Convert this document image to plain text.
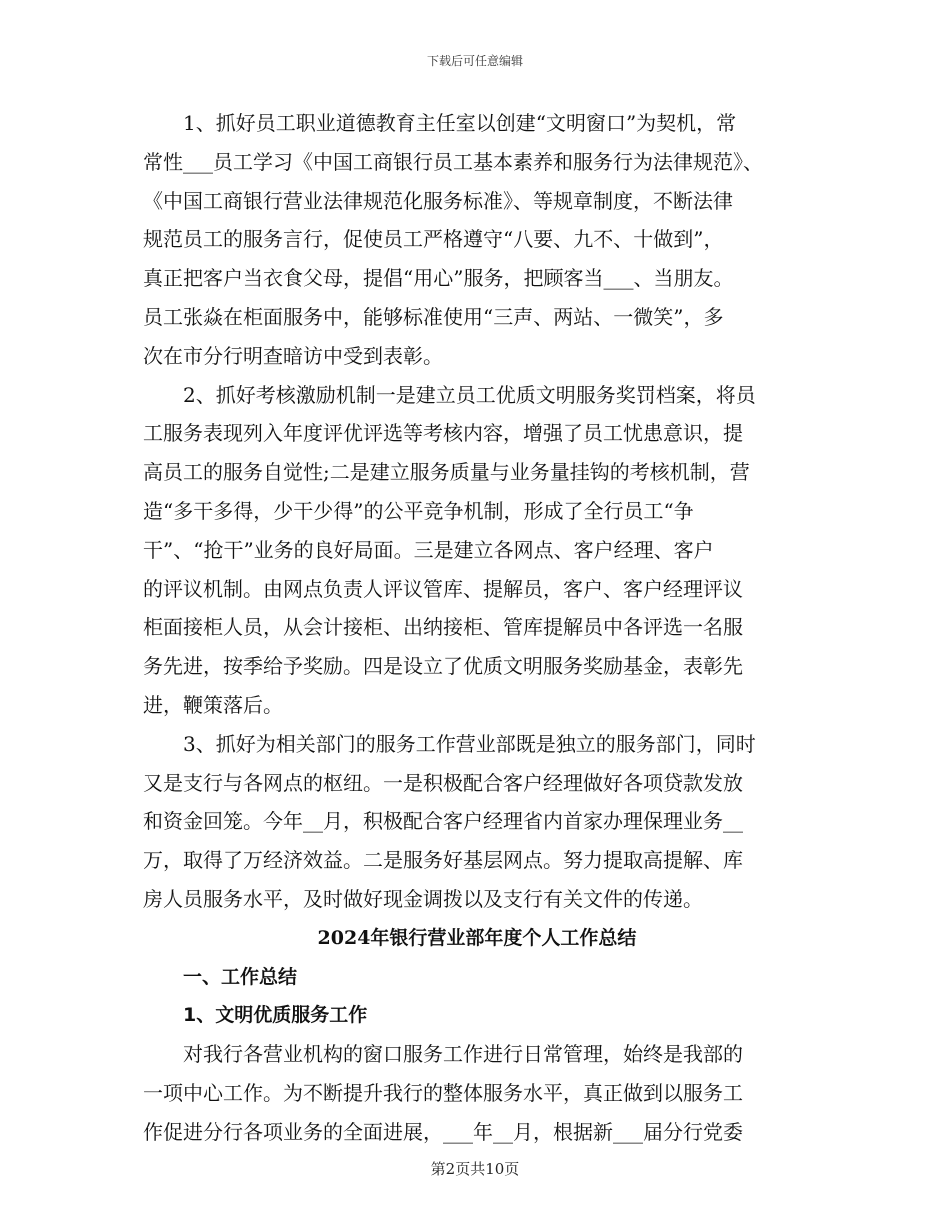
下载后可任意编辑
1、抓好员工职业道德教育主任室以创建“文明窗口”为契机，常
常性___员工学习《中国工商银行员工基本素养和服务行为法律规范》、
《中国工商银行营业法律规范化服务标准》、等规章制度，不断法律
规范员工的服务言行，促使员工严格遵守“八要、九不、十做到”，
真正把客户当衣食父母，提倡“用心”服务，把顾客当___、当朋友。
员工张焱在柜面服务中，能够标准使用“三声、两站、一微笑”，多
次在市分行明查暗访中受到表彰。
2、抓好考核激励机制一是建立员工优质文明服务奖罚档案，将员
工服务表现列入年度评优评选等考核内容，增强了员工忧患意识，提
高员工的服务自觉性;二是建立服务质量与业务量挂钩的考核机制，营
造“多干多得，少干少得”的公平竞争机制，形成了全行员工“争
干”、“抢干”业务的良好局面。三是建立各网点、客户经理、客户
的评议机制。由网点负责人评议管库、提解员，客户、客户经理评议
柜面接柜人员，从会计接柜、出纳接柜、管库提解员中各评选一名服
务先进，按季给予奖励。四是设立了优质文明服务奖励基金，表彰先
进，鞭策落后。
3、抓好为相关部门的服务工作营业部既是独立的服务部门，同时
又是支行与各网点的枢纽。一是积极配合客户经理做好各项贷款发放
和资金回笼。今年__月，积极配合客户经理省内首家办理保理业务__
万，取得了万经济效益。二是服务好基层网点。努力提取高提解、库
房人员服务水平，及时做好现金调拨以及支行有关文件的传递。
2024年银行营业部年度个人工作总结
一、工作总结
1、文明优质服务工作
对我行各营业机构的窗口服务工作进行日常管理，始终是我部的
一项中心工作。为不断提升我行的整体服务水平，真正做到以服务工
作促进分行各项业务的全面进展，___年__月，根据新___届分行党委
第2页共10页
